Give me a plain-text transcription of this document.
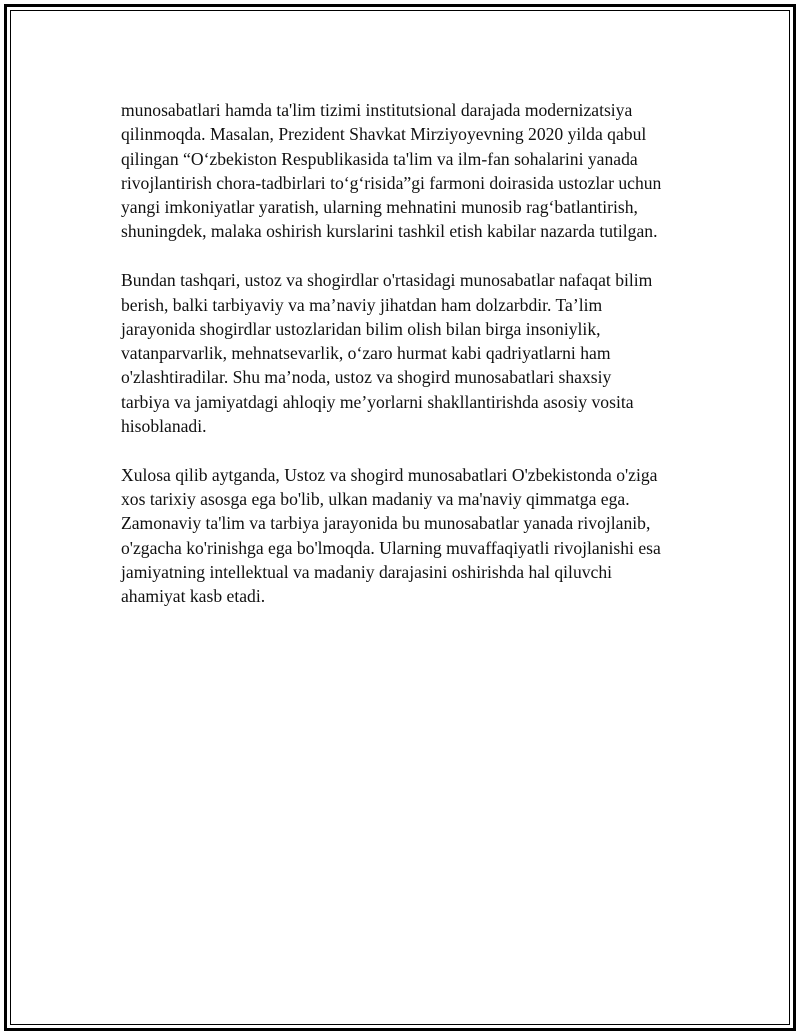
munosabatlari hamda ta'lim tizimi institutsional darajada modernizatsiya
qilinmoqda. Masalan, Prezident Shavkat Mirziyoyevning 2020 yilda qabul
qilingan “O‘zbekiston Respublikasida ta'lim va ilm-fan sohalarini yanada
rivojlantirish chora-tadbirlari to‘g‘risida”gi farmoni doirasida ustozlar uchun
yangi imkoniyatlar yaratish, ularning mehnatini munosib rag‘batlantirish,
shuningdek, malaka oshirish kurslarini tashkil etish kabilar nazarda tutilgan.

Bundan tashqari, ustoz va shogirdlar o'rtasidagi munosabatlar nafaqat bilim
berish, balki tarbiyaviy va ma’naviy jihatdan ham dolzarbdir. Ta’lim
jarayonida shogirdlar ustozlaridan bilim olish bilan birga insoniylik,
vatanparvarlik, mehnatsevarlik, o‘zaro hurmat kabi qadriyatlarni ham
o'zlashtiradilar. Shu ma’noda, ustoz va shogird munosabatlari shaxsiy
tarbiya va jamiyatdagi ahloqiy me’yorlarni shakllantirishda asosiy vosita
hisoblanadi.

Xulosa qilib aytganda, Ustoz va shogird munosabatlari O'zbekistonda o'ziga
xos tarixiy asosga ega bo'lib, ulkan madaniy va ma'naviy qimmatga ega.
Zamonaviy ta'lim va tarbiya jarayonida bu munosabatlar yanada rivojlanib,
o'zgacha ko'rinishga ega bo'lmoqda. Ularning muvaffaqiyatli rivojlanishi esa
jamiyatning intellektual va madaniy darajasini oshirishda hal qiluvchi
ahamiyat kasb etadi.
